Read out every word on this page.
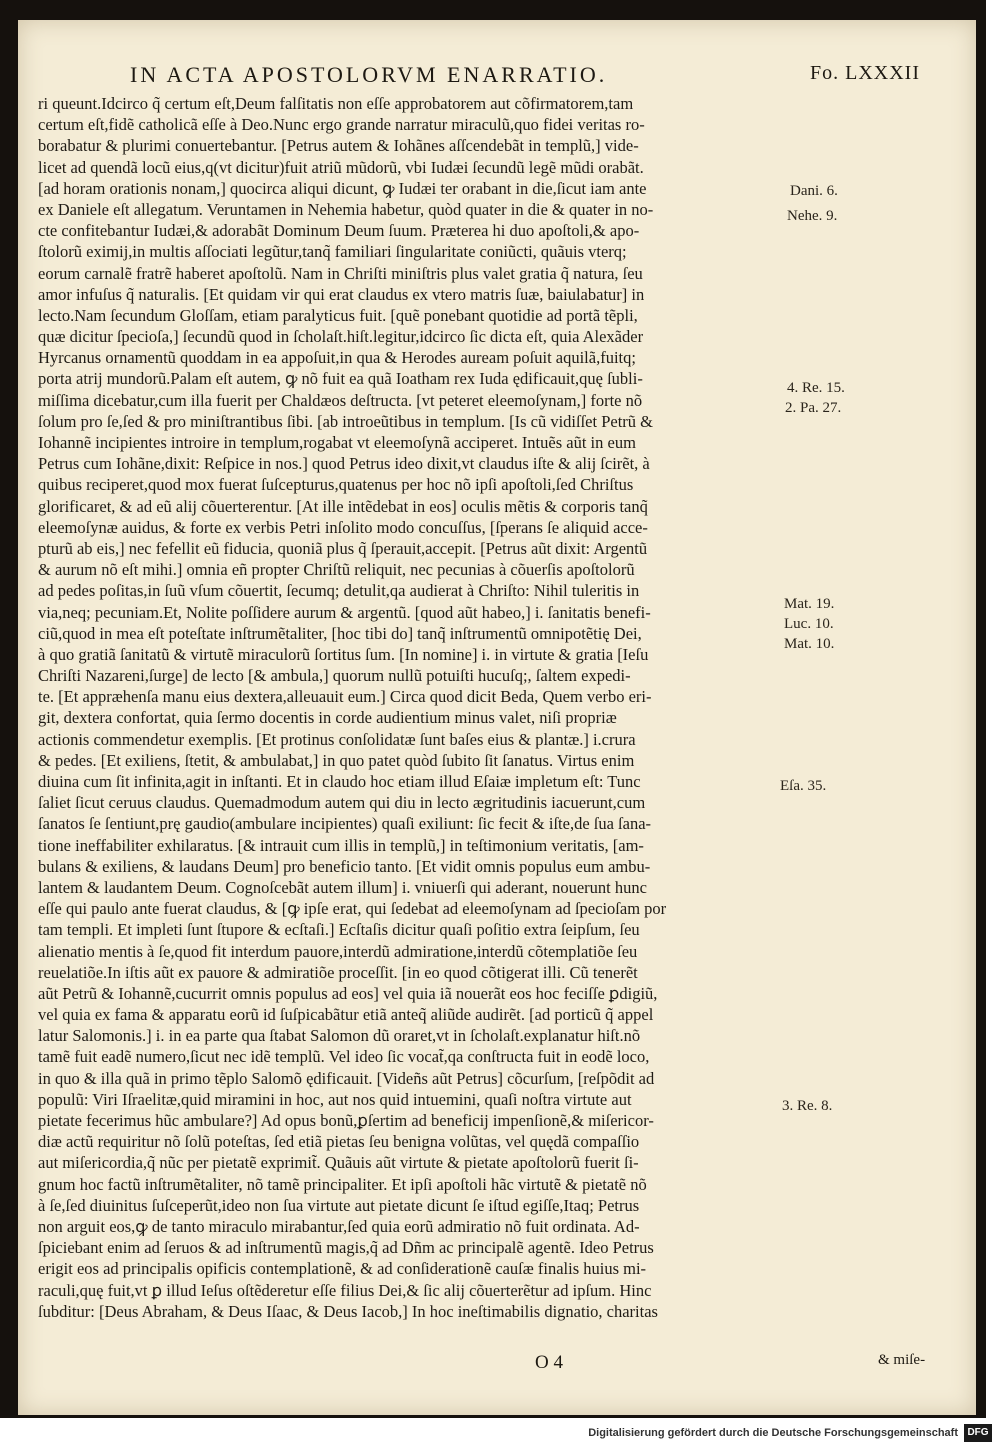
IN ACTA APOSTOLORVM ENARRATIO.	Fo. LXXXII
ri queunt.Idcirco q̃ certum eſt,Deum falſitatis non eſſe approbatorem aut cõfirmatorem,tam
certum eſt,fidẽ catholicã eſſe à Deo.Nunc ergo grande narratur miraculũ,quo fidei veritas ro-
borabatur & plurimi conuertebantur. [Petrus autem & Iohãnes aſſcendebãt in templũ,] vide-
licet ad quendã locũ eius,q(vt dicitur)fuit atriũ mũdorũ, vbi Iudæi ſecundũ legẽ mũdi orabãt.
[ad horam orationis nonam,] quocirca aliqui dicunt, ꝙ Iudæi ter orabant in die,ſicut iam ante
ex Daniele eſt allegatum. Veruntamen in Nehemia habetur, quòd quater in die & quater in no-
cte confitebantur Iudæi,& adorabãt Dominum Deum ſuum. Præterea hi duo apoſtoli,& apo-
ſtolorũ eximij,in multis aſſociati legũtur,tanq̃ familiari ſingularitate coniũcti, quãuis vterq;
eorum carnalẽ fratrẽ haberet apoſtolũ. Nam in Chriſti miniſtris plus valet gratia q̃ natura, ſeu
amor infuſus q̃ naturalis. [Et quidam vir qui erat claudus ex vtero matris ſuæ, baiulabatur] in
lecto.Nam ſecundum Gloſſam, etiam paralyticus fuit. [quẽ ponebant quotidie ad portã tẽpli,
quæ dicitur ſpecioſa,] ſecundũ quod in ſcholaſt.hiſt.legitur,idcirco ſic dicta eſt, quia Alexãder
Hyrcanus ornamentũ quoddam in ea appoſuit,in qua & Herodes auream poſuit aquilã,fuitq;
porta atrij mundorũ.Palam eſt autem, ꝙ nõ fuit ea quã Ioatham rex Iuda ędificauit,quę ſubli-
miſſima dicebatur,cum illa fuerit per Chaldæos deſtructa. [vt peteret eleemoſynam,] forte nõ
ſolum pro ſe,ſed & pro miniſtrantibus ſibi. [ab introeũtibus in templum. [Is cũ vidiſſet Petrũ &
Iohannẽ incipientes introire in templum,rogabat vt eleemoſynã acciperet. Intuẽs aũt in eum
Petrus cum Iohãne,dixit: Reſpice in nos.] quod Petrus ideo dixit,vt claudus iſte & alij ſcirẽt, à
quibus reciperet,quod mox fuerat ſuſcepturus,quatenus per hoc nõ ipſi apoſtoli,ſed Chriſtus
glorificaret, & ad eũ alij cõuerterentur. [At ille intẽdebat in eos] oculis mẽtis & corporis tanq̃
eleemoſynæ auidus, & forte ex verbis Petri inſolito modo concuſſus, [ſperans ſe aliquid acce-
pturũ ab eis,] nec fefellit eũ fiducia, quoniã plus q̃ ſperauit,accepit. [Petrus aũt dixit: Argentũ
& aurum nõ eſt mihi.] omnia eñ propter Chriſtũ reliquit, nec pecunias à cõuerſis apoſtolorũ
ad pedes poſitas,in ſuũ vſum cõuertit, ſecumq; detulit,qa audierat à Chriſto: Nihil tuleritis in
via,neq; pecuniam.Et, Nolite poſſidere aurum & argentũ. [quod aũt habeo,] i. ſanitatis benefi-
ciũ,quod in mea eſt poteſtate inſtrumẽtaliter, [hoc tibi do] tanq̃ inſtrumentũ omnipotẽtię Dei,
à quo gratiã ſanitatũ & virtutẽ miraculorũ ſortitus ſum. [In nomine] i. in virtute & gratia [Ieſu
Chriſti Nazareni,ſurge] de lecto [& ambula,] quorum nullũ potuiſti hucuſq;, ſaltem expedi-
te. [Et appræhenſa manu eius dextera,alleuauit eum.] Circa quod dicit Beda, Quem verbo eri-
git, dextera confortat, quia ſermo docentis in corde audientium minus valet, niſi propriæ
actionis commendetur exemplis. [Et protinus conſolidatæ ſunt baſes eius & plantæ.] i.crura
& pedes. [Et exiliens, ſtetit, & ambulabat,] in quo patet quòd ſubito ſit ſanatus. Virtus enim
diuina cum ſit infinita,agit in inſtanti. Et in claudo hoc etiam illud Eſaiæ impletum eſt: Tunc
ſaliet ſicut ceruus claudus. Quemadmodum autem qui diu in lecto ægritudinis iacuerunt,cum
ſanatos ſe ſentiunt,prę gaudio(ambulare incipientes) quaſi exiliunt: ſic fecit & iſte,de ſua ſana-
tione ineffabiliter exhilaratus. [& intrauit cum illis in templũ,] in teſtimonium veritatis, [am-
bulans & exiliens, & laudans Deum] pro beneficio tanto. [Et vidit omnis populus eum ambu-
lantem & laudantem Deum. Cognoſcebãt autem illum] i. vniuerſi qui aderant, nouerunt hunc
eſſe qui paulo ante fuerat claudus, & [ꝙ ipſe erat, qui ſedebat ad eleemoſynam ad ſpecioſam por
tam templi. Et impleti ſunt ſtupore & ecſtaſi.] Ecſtaſis dicitur quaſi poſitio extra ſeipſum, ſeu
alienatio mentis à ſe,quod fit interdum pauore,interdũ admiratione,interdũ cõtemplatiõe ſeu
reuelatiõe.In iſtis aũt ex pauore & admiratiõe proceſſit. [in eo quod cõtigerat illi. Cũ tenerẽt
aũt Petrũ & Iohannẽ,cucurrit omnis populus ad eos] vel quia iã nouerãt eos hoc feciſſe ꝑdigiũ,
vel quia ex fama & apparatu eorũ id ſuſpicabãtur etiã anteq̃ aliũde audirẽt. [ad porticũ q̃ appel
latur Salomonis.] i. in ea parte qua ſtabat Salomon dũ oraret,vt in ſcholaſt.explanatur hiſt.nõ
tamẽ fuit eadẽ numero,ſicut nec idẽ templũ. Vel ideo ſic vocat̃,qa conſtructa fuit in eodẽ loco,
in quo & illa quã in primo tẽplo Salomõ ędificauit. [Videñs aũt Petrus] cõcurſum, [reſpõdit ad
populũ: Viri Iſraelitæ,quid miramini in hoc, aut nos quid intuemini, quaſi noſtra virtute aut
pietate fecerimus hũc ambulare?] Ad opus bonũ,ꝑſertim ad beneficij impenſionẽ,& miſericor-
diæ actũ requiritur nõ ſolũ poteſtas, ſed etiã pietas ſeu benigna volũtas, vel quędã compaſſio
aut miſericordia,q̃ nũc per pietatẽ exprimit̃. Quãuis aũt virtute & pietate apoſtolorũ fuerit ſi-
gnum hoc factũ inſtrumẽtaliter, nõ tamẽ principaliter. Et ipſi apoſtoli hãc virtutẽ & pietatẽ nõ
à ſe,ſed diuinitus ſuſceperũt,ideo non ſua virtute aut pietate dicunt ſe iſtud egiſſe,Itaq; Petrus
non arguit eos,ꝙ de tanto miraculo mirabantur,ſed quia eorũ admiratio nõ fuit ordinata. Ad-
ſpiciebant enim ad ſeruos & ad inſtrumentũ magis,q̃ ad Dñm ac principalẽ agentẽ. Ideo Petrus
erigit eos ad principalis opificis contemplationẽ, & ad conſiderationẽ cauſæ finalis huius mi-
raculi,quę fuit,vt ꝑ illud Ieſus oſtẽderetur eſſe filius Dei,& ſic alij cõuerterẽtur ad ipſum. Hinc
ſubditur: [Deus Abraham, & Deus Iſaac, & Deus Iacob,] In hoc ineſtimabilis dignatio, charitas
Dani. 6.
Nehe. 9.
4. Re. 15.
2. Pa. 27.
Mat. 19.
Luc. 10.
Mat. 10.
Eſa. 35.
3. Re. 8.
O 4	& miſe-
Digitalisierung gefördert durch die Deutsche Forschungsgemeinschaft DFG
